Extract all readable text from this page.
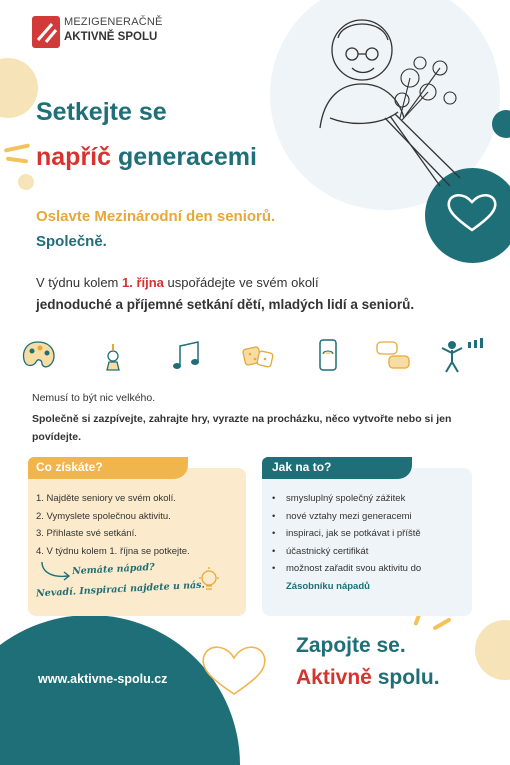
MEZIGENERAČNĚ
AKTIVNĚ SPOLU
Setkejte se
napříč generacemi
Oslavte Mezinárodní den seniorů.
Společně.
V týdnu kolem 1. října uspořádejte ve svém okolí
jednoduché a příjemné setkání dětí, mladých lidí a seniorů.
Nemusí to být nic velkého.
Společně si zazpívejte, zahrajte hry, vyrazte na procházku, něco vytvořte nebo si jen povídejte.
Co získáte?
1. Najděte seniory ve svém okolí.
2. Vymyslete společnou aktivitu.
3. Přihlaste své setkání.
4. V týdnu kolem 1. října se potkejte.
Nemáte nápad?
Nevadí. Inspiraci najdete u nás.
Jak na to?
•	smysluplný společný zážitek
•	nové vztahy mezi generacemi
•	inspiraci, jak se potkávat i příště
•	účastnický certifikát
•	možnost zařadit svou aktivitu do Zásobníku nápadů
www.aktivne-spolu.cz
Zapojte se.
Aktivně spolu.
